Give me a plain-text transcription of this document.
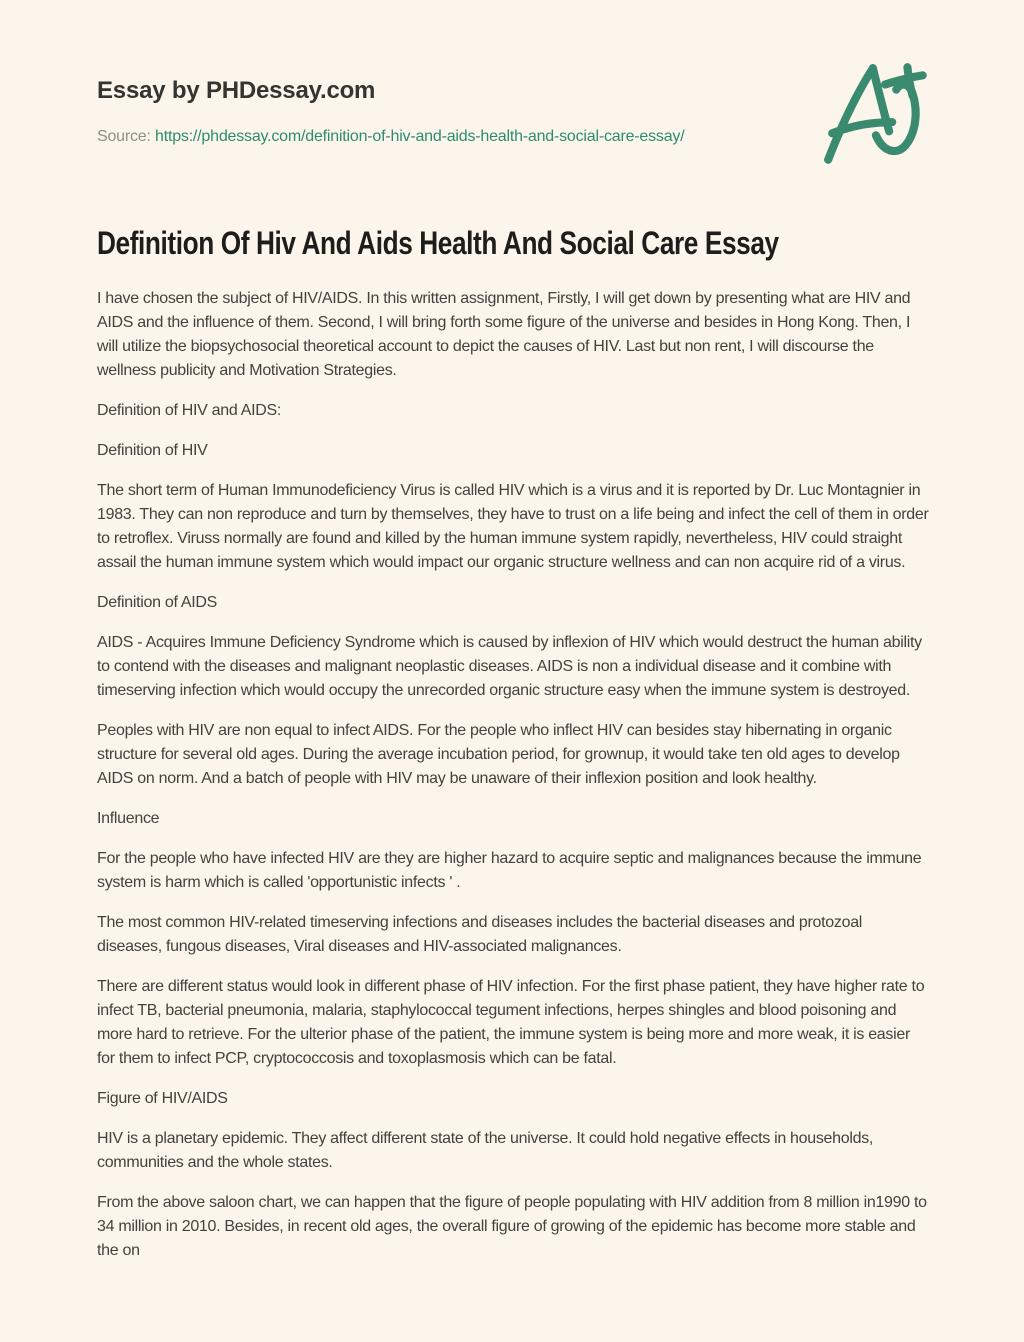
Essay by PHDessay.com
Source: https://phdessay.com/definition-of-hiv-and-aids-health-and-social-care-essay/
Definition Of Hiv And Aids Health And Social Care Essay

I have chosen the subject of HIV/AIDS. In this written assignment, Firstly, I will get down by presenting what are HIV and AIDS and the influence of them. Second, I will bring forth some figure of the universe and besides in Hong Kong. Then, I will utilize the biopsychosocial theoretical account to depict the causes of HIV. Last but non rent, I will discourse the wellness publicity and Motivation Strategies.

Definition of HIV and AIDS:

Definition of HIV

The short term of Human Immunodeficiency Virus is called HIV which is a virus and it is reported by Dr. Luc Montagnier in 1983. They can non reproduce and turn by themselves, they have to trust on a life being and infect the cell of them in order to retroflex. Viruss normally are found and killed by the human immune system rapidly, nevertheless, HIV could straight assail the human immune system which would impact our organic structure wellness and can non acquire rid of a virus.

Definition of AIDS

AIDS - Acquires Immune Deficiency Syndrome which is caused by inflexion of HIV which would destruct the human ability to contend with the diseases and malignant neoplastic diseases. AIDS is non a individual disease and it combine with timeserving infection which would occupy the unrecorded organic structure easy when the immune system is destroyed.

Peoples with HIV are non equal to infect AIDS. For the people who inflect HIV can besides stay hibernating in organic structure for several old ages. During the average incubation period, for grownup, it would take ten old ages to develop AIDS on norm. And a batch of people with HIV may be unaware of their inflexion position and look healthy.

Influence

For the people who have infected HIV are they are higher hazard to acquire septic and malignances because the immune system is harm which is called 'opportunistic infects ' .

The most common HIV-related timeserving infections and diseases includes the bacterial diseases and protozoal diseases, fungous diseases, Viral diseases and HIV-associated malignances.

There are different status would look in different phase of HIV infection. For the first phase patient, they have higher rate to infect TB, bacterial pneumonia, malaria, staphylococcal tegument infections, herpes shingles and blood poisoning and more hard to retrieve. For the ulterior phase of the patient, the immune system is being more and more weak, it is easier for them to infect PCP, cryptococcosis and toxoplasmosis which can be fatal.

Figure of HIV/AIDS

HIV is a planetary epidemic. They affect different state of the universe. It could hold negative effects in households, communities and the whole states.

From the above saloon chart, we can happen that the figure of people populating with HIV addition from 8 million in1990 to 34 million in 2010. Besides, in recent old ages, the overall figure of growing of the epidemic has become more stable and the on
